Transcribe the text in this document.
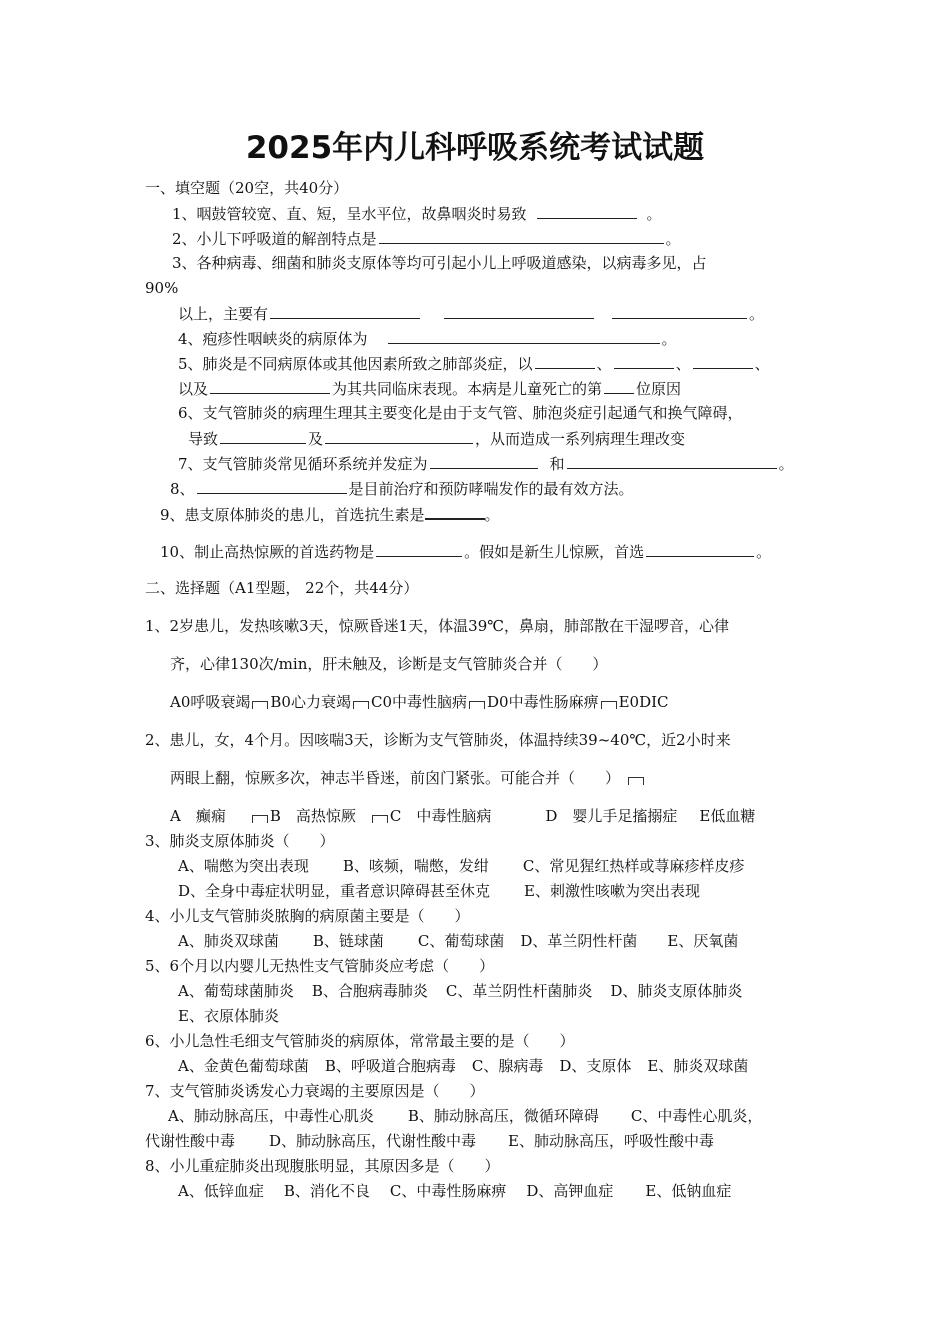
2025年内儿科呼吸系统考试试题
一、填空题（20空，共40分）
1、咽鼓管较宽、直、短，呈水平位，故鼻咽炎时易致	。
2、小儿下呼吸道的解剖特点是	。
3、各种病毒、细菌和肺炎支原体等均可引起小儿上呼吸道感染，以病毒多见，占
90%
以上，主要有	。
4、疱疹性咽峡炎的病原体为	。
5、肺炎是不同病原体或其他因素所致之肺部炎症，以	、	、	、
以及	为其共同临床表现。本病是儿童死亡的第 位原因
6、支气管肺炎的病理生理其主要变化是由于支气管、肺泡炎症引起通气和换气障碍，
导致	及	，从而造成一系列病理生理改变
7、支气管肺炎常见循环系统并发症为	和	。
8、	是目前治疗和预防哮喘发作的最有效方法。
9、患支原体肺炎的患儿，首选抗生素是	。
10、制止高热惊厥的首选药物是	。假如是新生儿惊厥，首选	。
二、选择题（A1型题， 22个，共44分）
1、2岁患儿，发热咳嗽3天，惊厥昏迷1天，体温39℃，鼻扇，肺部散在干湿啰音，心律
齐，心律130次/min，肝未触及，诊断是支气管肺炎合并（　　）
A0呼吸衰竭 B0心力衰竭 C0中毒性脑病 D0中毒性肠麻痹 E0DIC
2、患儿，女，4个月。因咳喘3天，诊断为支气管肺炎，体温持续39~40℃，近2小时来
两眼上翻，惊厥多次，神志半昏迷，前囟门紧张。可能合并（　　）
A　癫痫	B　高热惊厥 C　中毒性脑病	D　婴儿手足搐搦症 E低血糖
3、肺炎支原体肺炎（　　）
A、喘憋为突出表现 B、咳频，喘憋，发绀 C、常见猩红热样或荨麻疹样皮疹
D、全身中毒症状明显，重者意识障碍甚至休克 E、刺激性咳嗽为突出表现
4、小儿支气管肺炎脓胸的病原菌主要是（　　）
A、肺炎双球菌 B、链球菌 C、葡萄球菌 D、革兰阴性杆菌 E、厌氧菌
5、6个月以内婴儿无热性支气管肺炎应考虑（　　）
A、葡萄球菌肺炎 B、合胞病毒肺炎 C、革兰阴性杆菌肺炎 D、肺炎支原体肺炎
E、衣原体肺炎
6、小儿急性毛细支气管肺炎的病原体，常常最主要的是（　　）
A、金黄色葡萄球菌 B、呼吸道合胞病毒 C、腺病毒 D、支原体 E、肺炎双球菌
7、支气管肺炎诱发心力衰竭的主要原因是（　　）
A、肺动脉高压，中毒性心肌炎 B、肺动脉高压，微循环障碍 C、中毒性心肌炎，
代谢性酸中毒 D、肺动脉高压，代谢性酸中毒 E、肺动脉高压，呼吸性酸中毒
8、小儿重症肺炎出现腹胀明显，其原因多是（　　）
A、低锌血症 B、消化不良 C、中毒性肠麻痹 D、高钾血症 E、低钠血症
